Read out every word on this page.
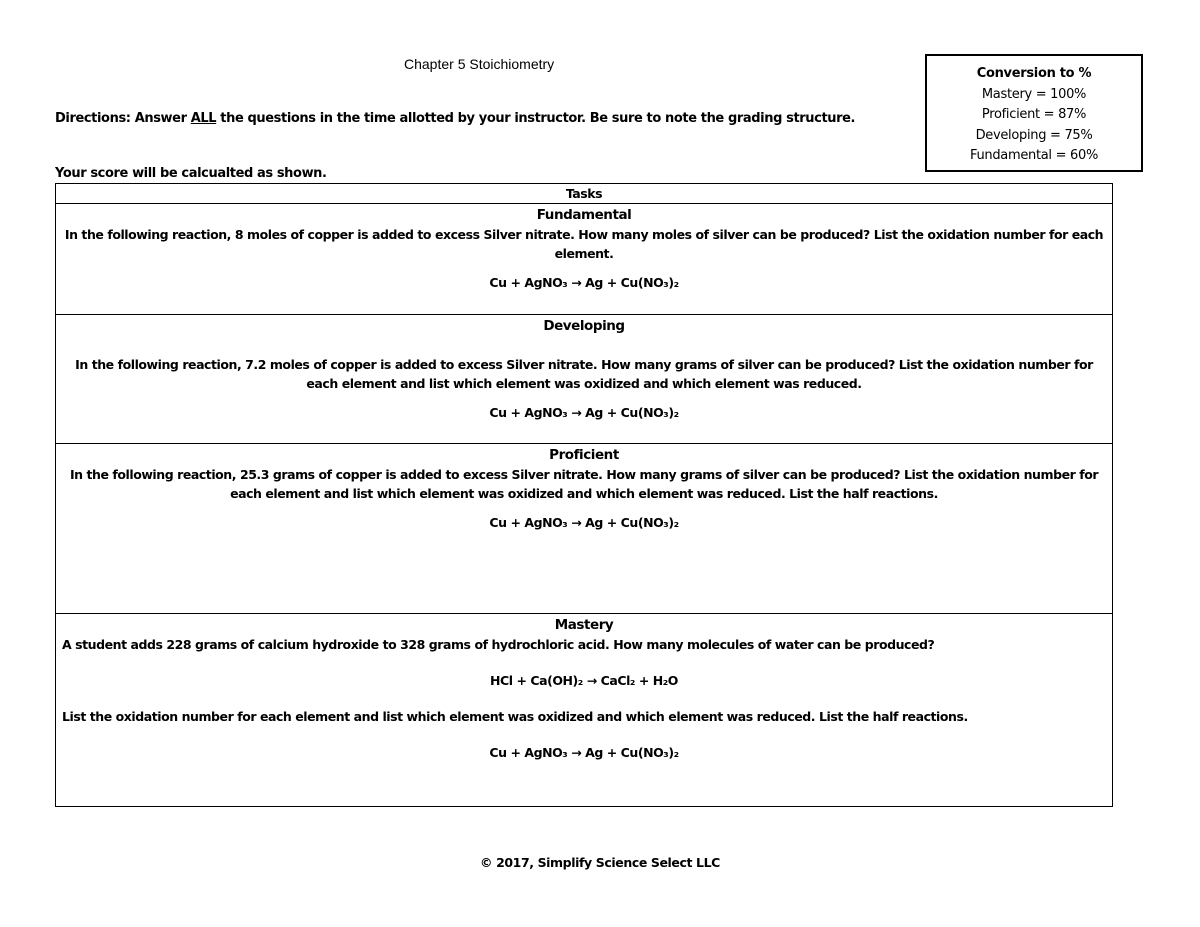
Chapter 5 Stoichiometry
Directions: Answer ALL the questions in the time allotted by your instructor. Be sure to note the grading structure.
Your score will be calcualted as shown.
Conversion to %
Mastery = 100%
Proficient = 87%
Developing = 75%
Fundamental = 60%
Tasks
Fundamental
In the following reaction, 8 moles of copper is added to excess Silver nitrate. How many moles of silver can be produced? List the oxidation number for each element.
Cu + AgNO₃ → Ag + Cu(NO₃)₂
Developing
In the following reaction, 7.2 moles of copper is added to excess Silver nitrate. How many grams of silver can be produced? List the oxidation number for each element and list which element was oxidized and which element was reduced.
Cu + AgNO₃ → Ag + Cu(NO₃)₂
Proficient
In the following reaction, 25.3 grams of copper is added to excess Silver nitrate. How many grams of silver can be produced? List the oxidation number for each element and list which element was oxidized and which element was reduced. List the half reactions.
Cu + AgNO₃ → Ag + Cu(NO₃)₂
Mastery
A student adds 228 grams of calcium hydroxide to 328 grams of hydrochloric acid. How many molecules of water can be produced?
HCl + Ca(OH)₂ → CaCl₂ + H₂O
List the oxidation number for each element and list which element was oxidized and which element was reduced. List the half reactions.
Cu + AgNO₃ → Ag + Cu(NO₃)₂
© 2017, Simplify Science Select LLC
